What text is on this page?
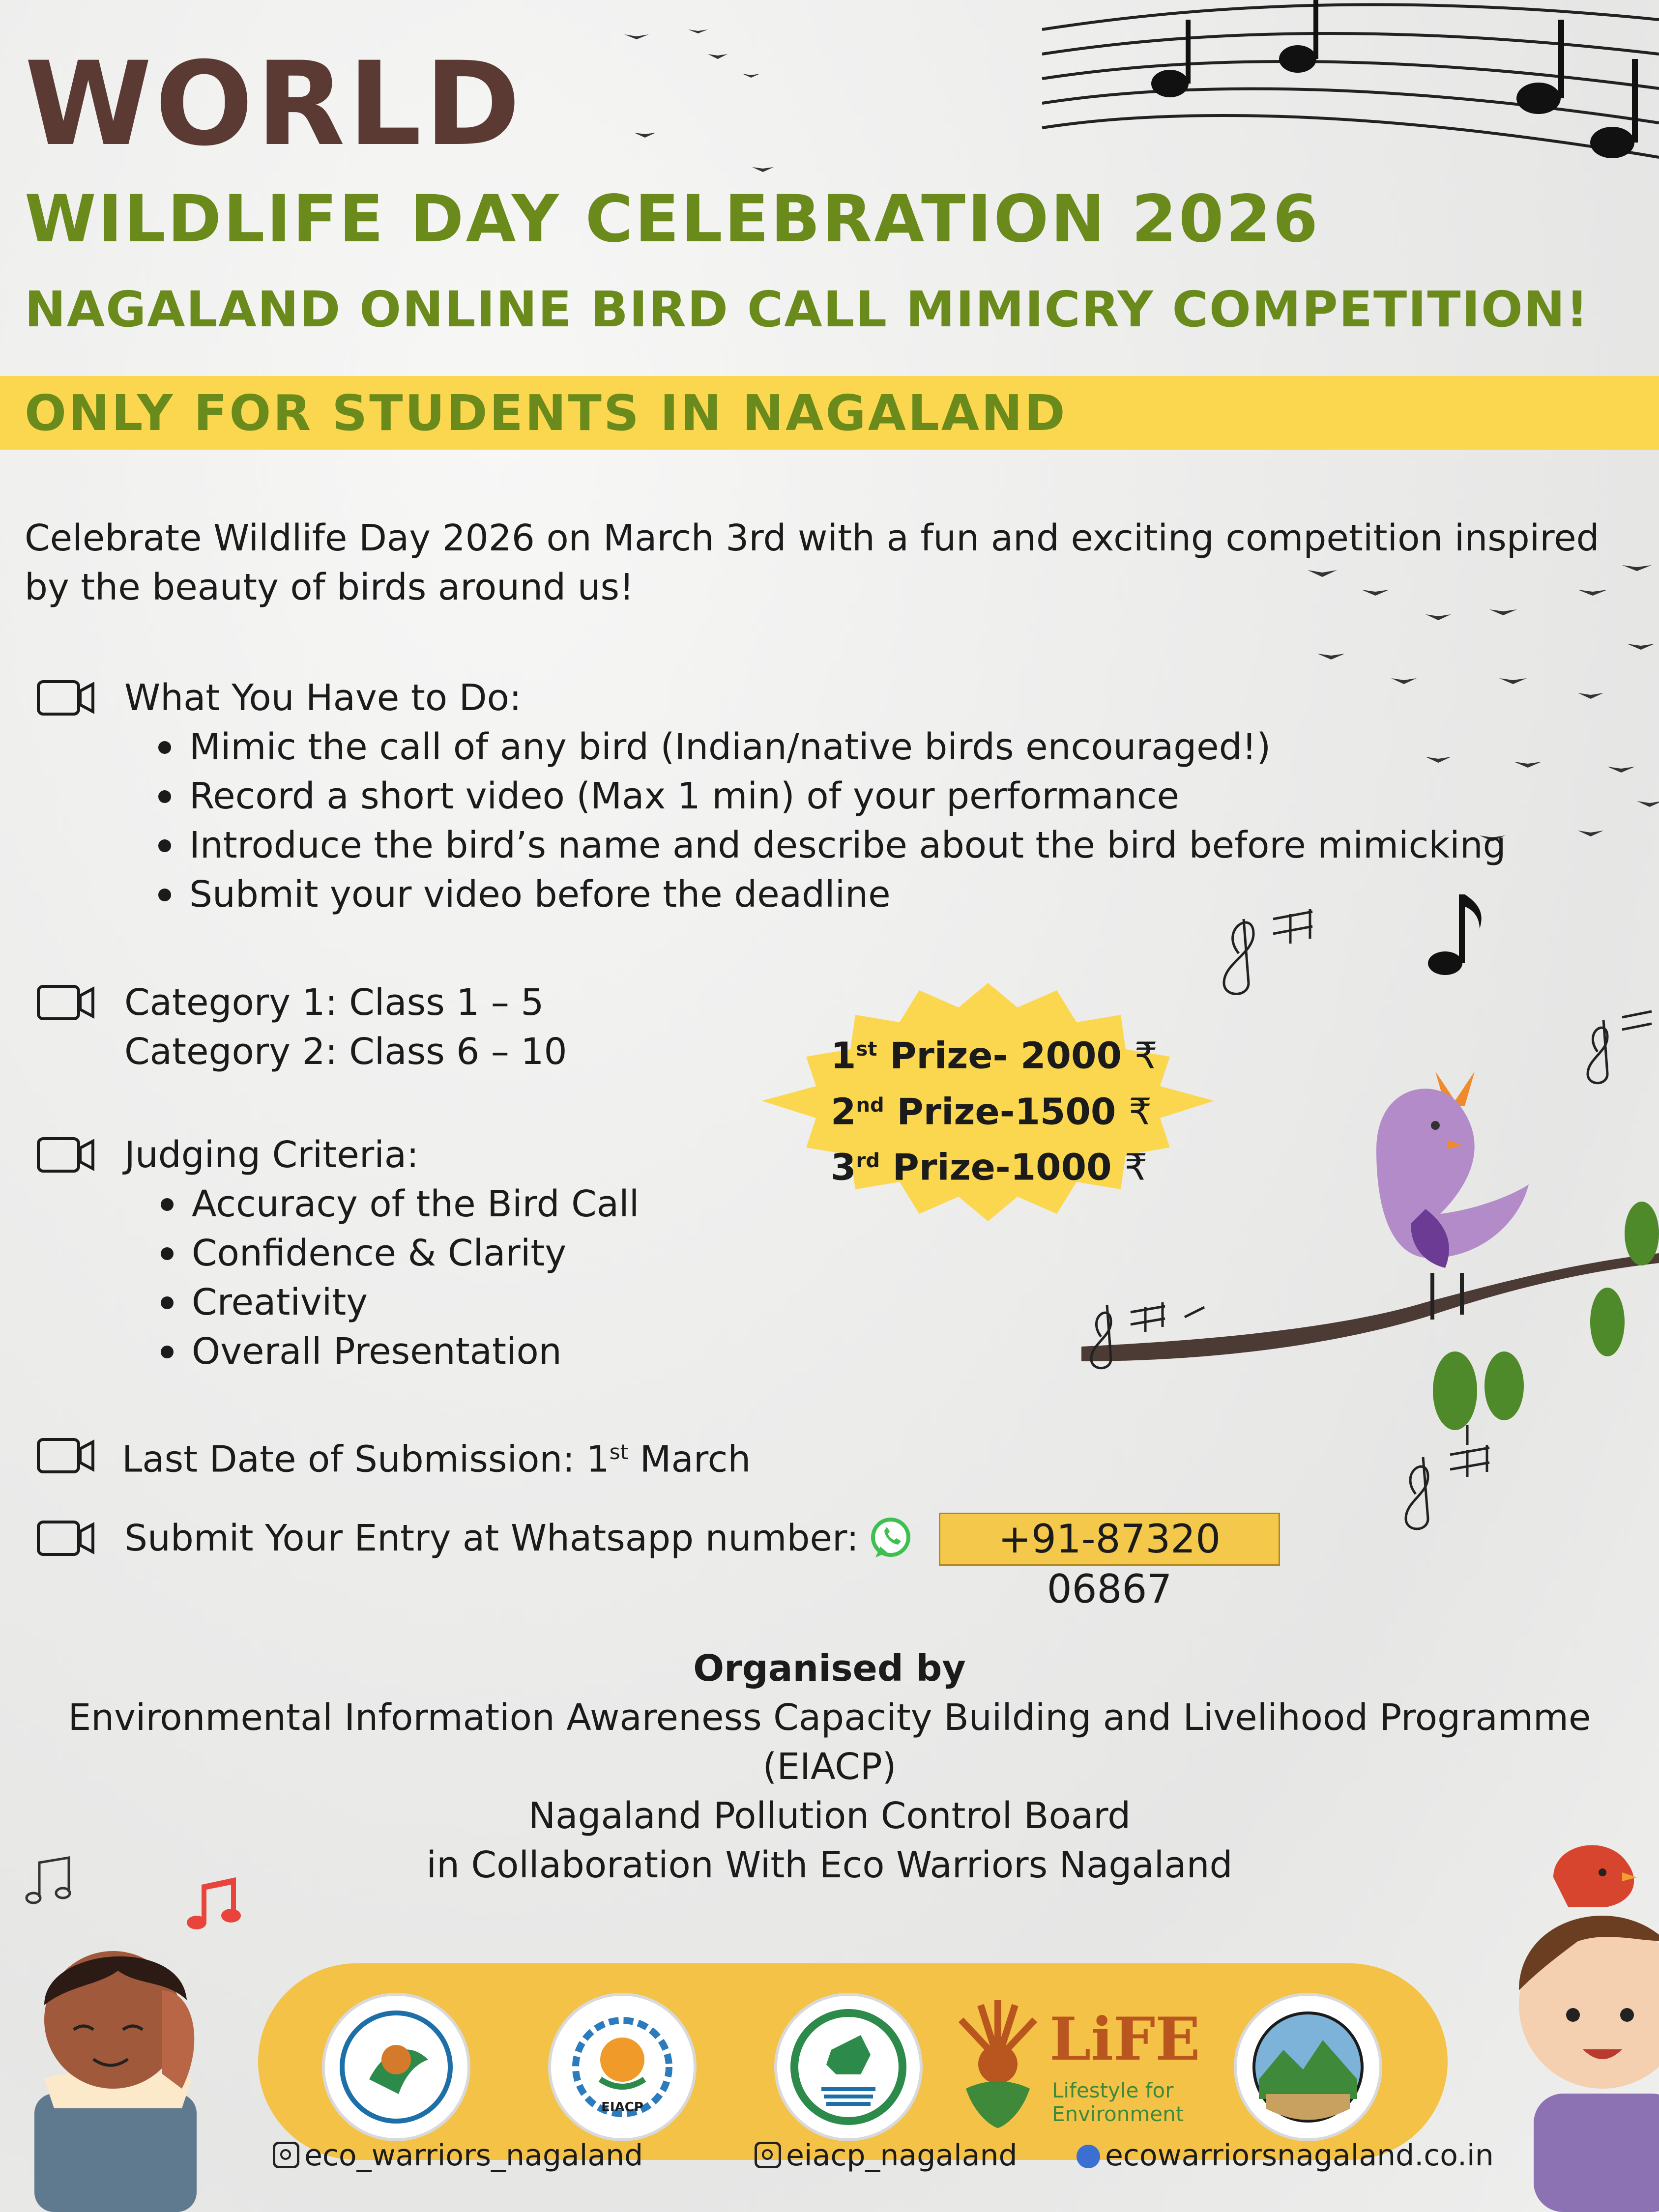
WORLD
WILDLIFE DAY CELEBRATION 2026
NAGALAND ONLINE BIRD CALL MIMICRY COMPETITION!
ONLY FOR STUDENTS IN NAGALAND
Celebrate Wildlife Day 2026 on March 3rd with a fun and exciting competition inspired by the beauty of birds around us!
What You Have to Do:
Mimic the call of any bird (Indian/native birds encouraged!)
Record a short video (Max 1 min) of your performance
Introduce the bird’s name and describe about the bird before mimicking
Submit your video before the deadline
Category 1: Class 1 – 5
Category 2: Class 6 – 10	1st Prize- 2000 ₹
2nd Prize-1500 ₹
3rd Prize-1000 ₹
Judging Criteria:
Accuracy of the Bird Call
Confidence & Clarity
Creativity
Overall Presentation
Last Date of Submission: 1st March
Submit Your Entry at Whatsapp number:	+91-87320 06867
Organised by
Environmental Information Awareness Capacity Building and Livelihood Programme
(EIACP)
Nagaland Pollution Control Board
in Collaboration With Eco Warriors Nagaland
EIACP
LiFE
Lifestyle for
Environment
eco_warriors_nagaland	eiacp_nagaland	ecowarriorsnagaland.co.in
